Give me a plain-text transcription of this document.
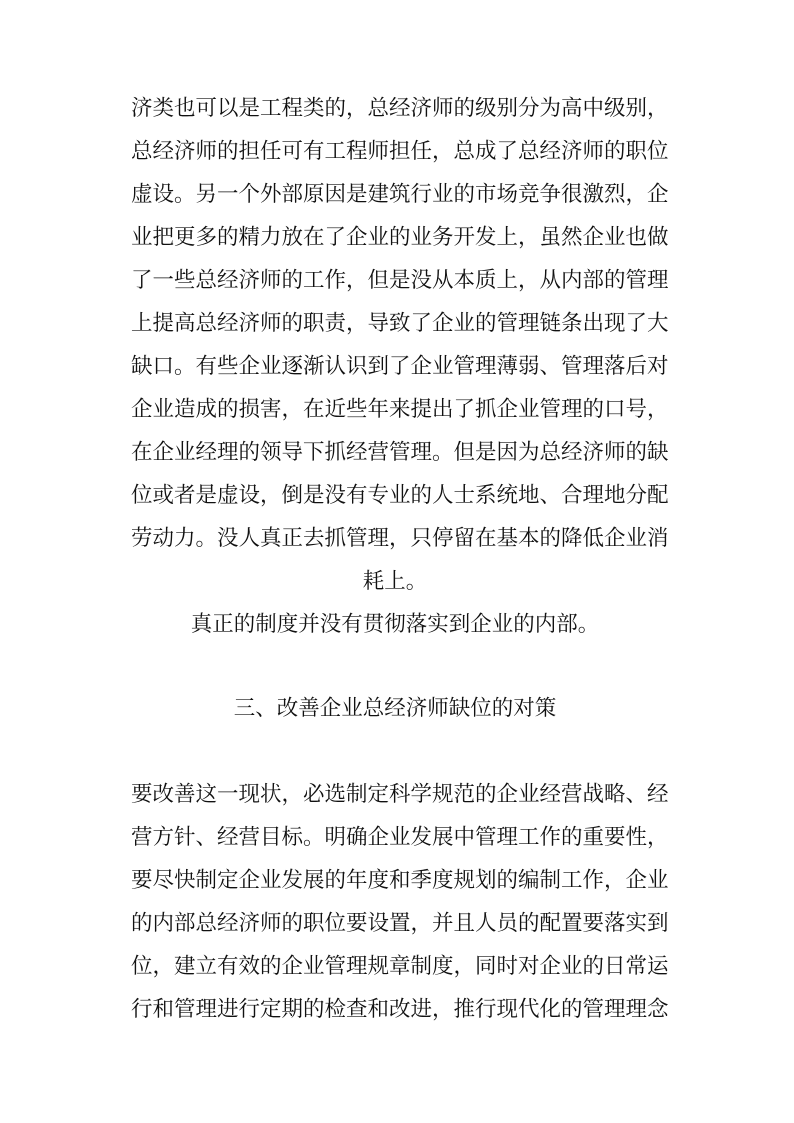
济类也可以是工程类的，总经济师的级别分为高中级别，
总经济师的担任可有工程师担任，总成了总经济师的职位
虚设。另一个外部原因是建筑行业的市场竞争很激烈，企
业把更多的精力放在了企业的业务开发上，虽然企业也做
了一些总经济师的工作，但是没从本质上，从内部的管理
上提高总经济师的职责，导致了企业的管理链条出现了大
缺口。有些企业逐渐认识到了企业管理薄弱、管理落后对
企业造成的损害，在近些年来提出了抓企业管理的口号，
在企业经理的领导下抓经营管理。但是因为总经济师的缺
位或者是虚设，倒是没有专业的人士系统地、合理地分配
劳动力。没人真正去抓管理，只停留在基本的降低企业消
耗上。
真正的制度并没有贯彻落实到企业的内部。
三、改善企业总经济师缺位的对策
要改善这一现状，必选制定科学规范的企业经营战略、经
营方针、经营目标。明确企业发展中管理工作的重要性，
要尽快制定企业发展的年度和季度规划的编制工作，企业
的内部总经济师的职位要设置，并且人员的配置要落实到
位，建立有效的企业管理规章制度，同时对企业的日常运
行和管理进行定期的检查和改进，推行现代化的管理理念
